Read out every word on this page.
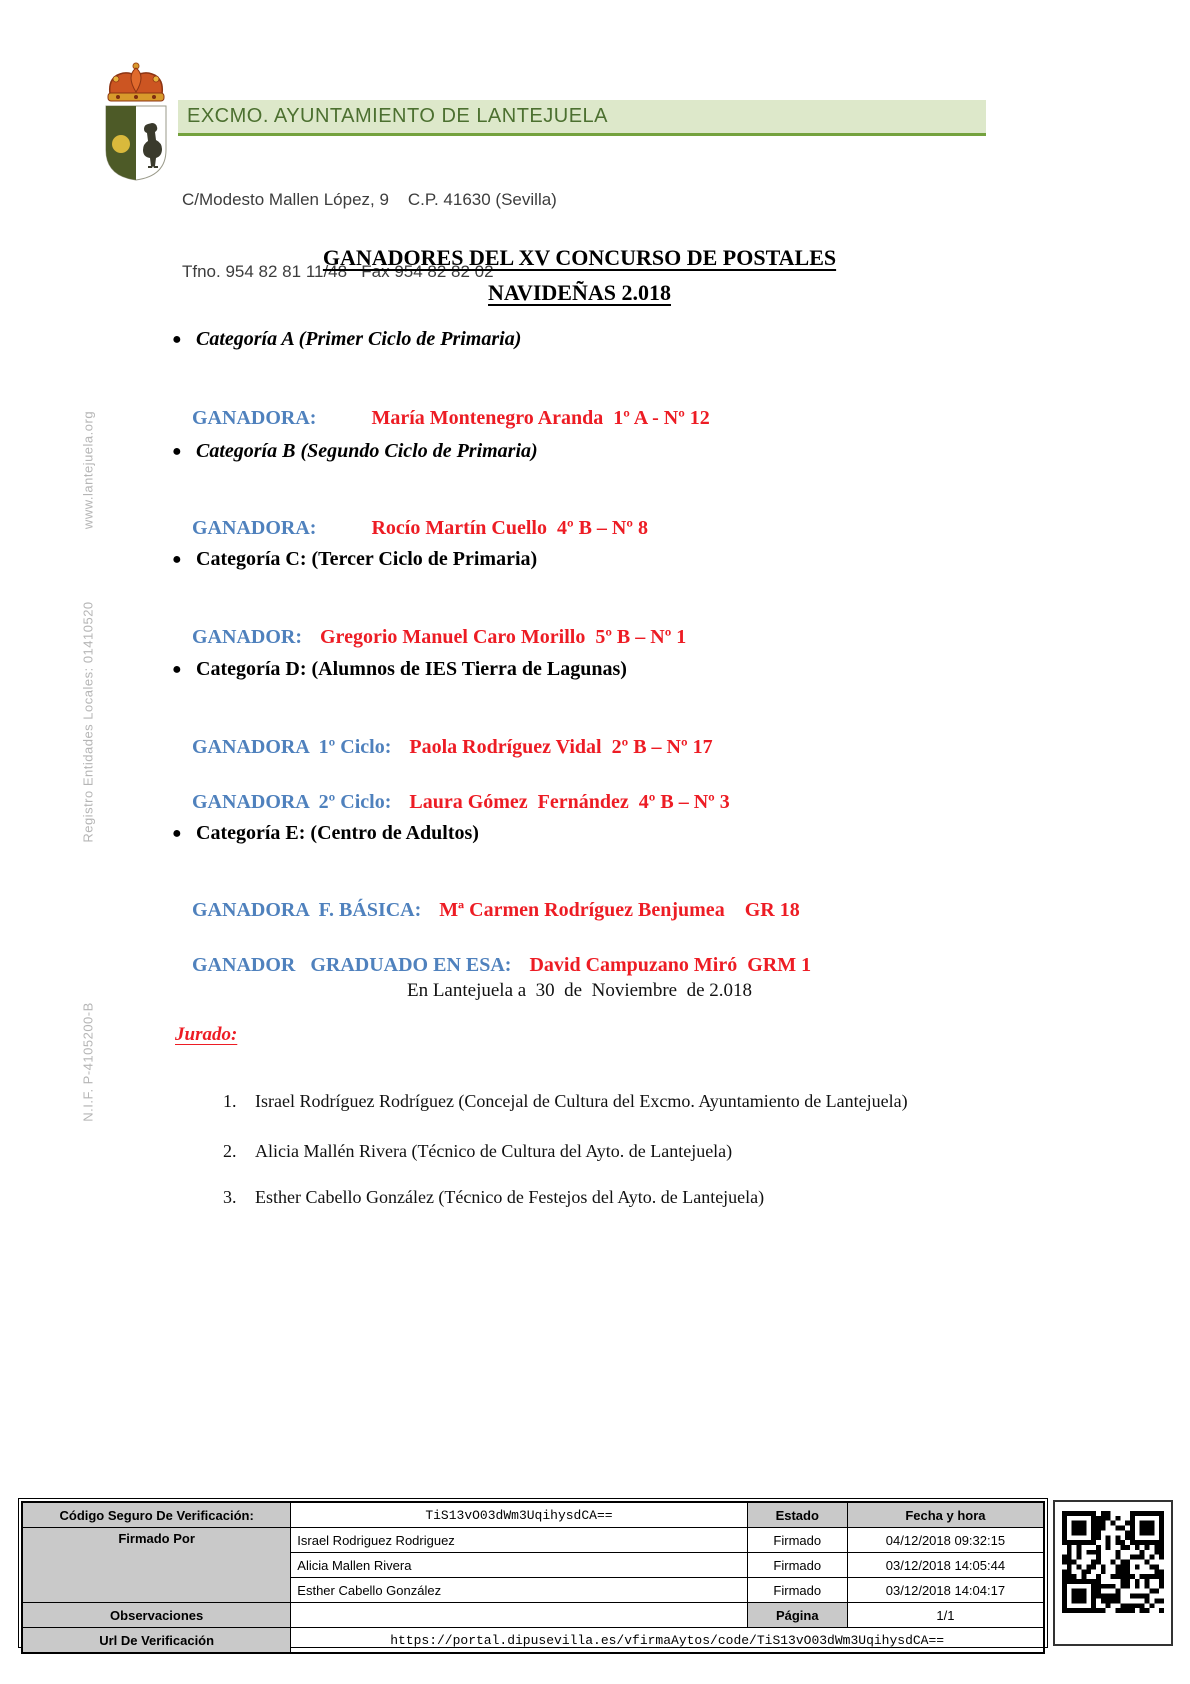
EXCMO. AYUNTAMIENTO DE LANTEJUELA

C/Modesto Mallen López, 9    C.P. 41630 (Sevilla)

Tfno. 954 82 81 11/48   Fax 954 82 82 02

www.lantejuela.org
Registro Entidades Locales: 01410520
N.I.F. P-4105200-B
GANADORES DEL XV CONCURSO DE POSTALES
NAVIDEÑAS 2.018
● Categoría A (Primer Ciclo de Primaria)

GANADORA:	María Montenegro Aranda  1º A - Nº 12

● Categoría B (Segundo Ciclo de Primaria)

GANADORA:	Rocío Martín Cuello  4º B – Nº 8

● Categoría C: (Tercer Ciclo de Primaria)

GANADOR: Gregorio Manuel Caro Morillo  5º B – Nº 1

● Categoría D: (Alumnos de IES Tierra de Lagunas)

GANADORA  1º Ciclo: Paola Rodríguez Vidal  2º B – Nº 17

GANADORA  2º Ciclo: Laura Gómez  Fernández  4º B – Nº 3

● Categoría E: (Centro de Adultos)

GANADORA  F. BÁSICA: Mª Carmen Rodríguez Benjumea    GR 18

GANADOR   GRADUADO EN ESA: David Campuzano Miró  GRM 1

En Lantejuela a  30  de  Noviembre  de 2.018
Jurado:

1. Israel Rodríguez Rodríguez (Concejal de Cultura del Excmo. Ayuntamiento de Lantejuela)

2. Alicia Mallén Rivera (Técnico de Cultura del Ayto. de Lantejuela)

3. Esther Cabello González (Técnico de Festejos del Ayto. de Lantejuela)

Código Seguro De Verificación:	TiS13vO03dWm3UqihysdCA==	Estado	Fecha y hora
Firmado Por	Israel Rodriguez Rodriguez	Firmado	04/12/2018 09:32:15
	Alicia Mallen Rivera	Firmado	03/12/2018 14:05:44
	Esther Cabello González	Firmado	03/12/2018 14:04:17
Observaciones		Página	1/1
Url De Verificación	https://portal.dipusevilla.es/vfirmaAytos/code/TiS13vO03dWm3UqihysdCA==		
